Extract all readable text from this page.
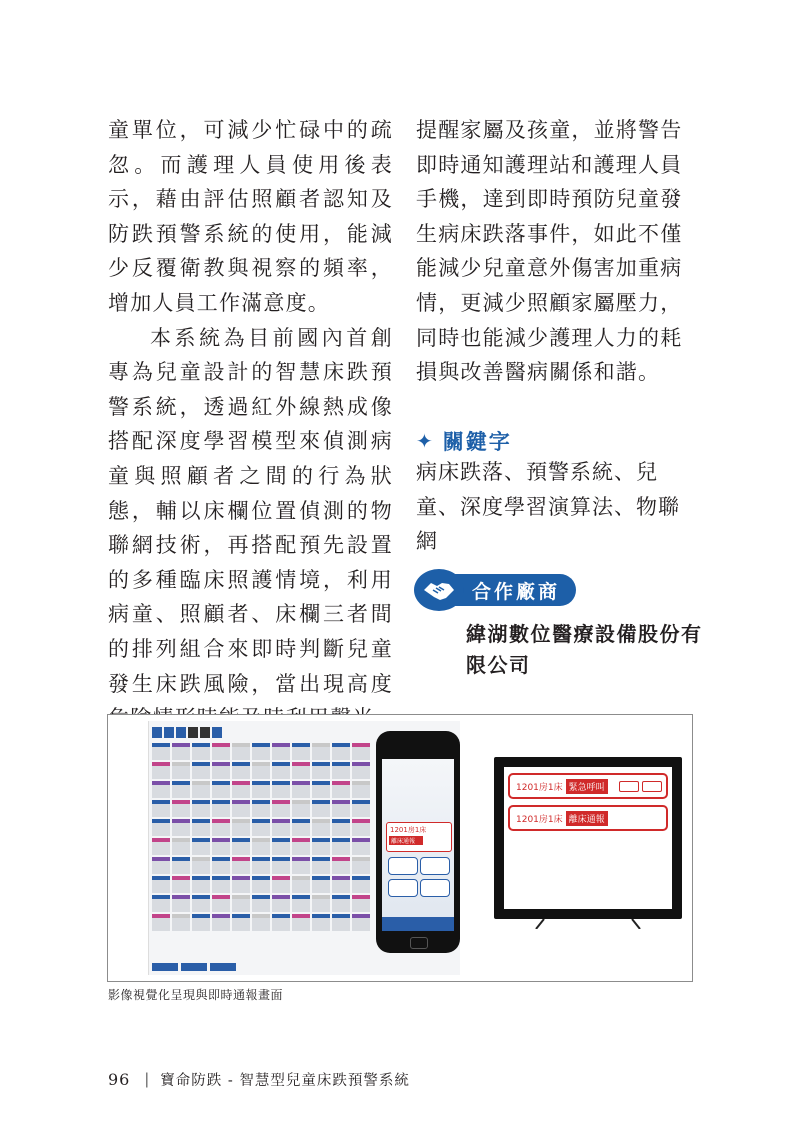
童單位，可減少忙碌中的疏忽。而護理人員使用後表示，藉由評估照顧者認知及防跌預警系統的使用，能減少反覆衛教與視察的頻率，增加人員工作滿意度。

本系統為目前國內首創專為兒童設計的智慧床跌預警系統，透過紅外線熱成像搭配深度學習模型來偵測病童與照顧者之間的行為狀態，輔以床欄位置偵測的物聯網技術，再搭配預先設置的多種臨床照護情境，利用病童、照顧者、床欄三者間的排列組合來即時判斷兒童發生床跌風險，當出現高度

提醒家屬及孩童，並將警告即時通知護理站和護理人員手機，達到即時預防兒童發生病床跌落事件，如此不僅能減少兒童意外傷害加重病情，更減少照顧家屬壓力，同時也能減少護理人力的耗損與改善醫病關係和諧。

✦ 關鍵字
病床跌落、預警系統、兒童、深度學習演算法、物聯網
合作廠商
緯湖數位醫療設備股份有限公司
1201房1床
離床通報
1201房1床 緊急呼叫
1201房1床 離床通報
影像視覺化呈現與即時通報畫面
96 | 寶命防跌 - 智慧型兒童床跌預警系統
